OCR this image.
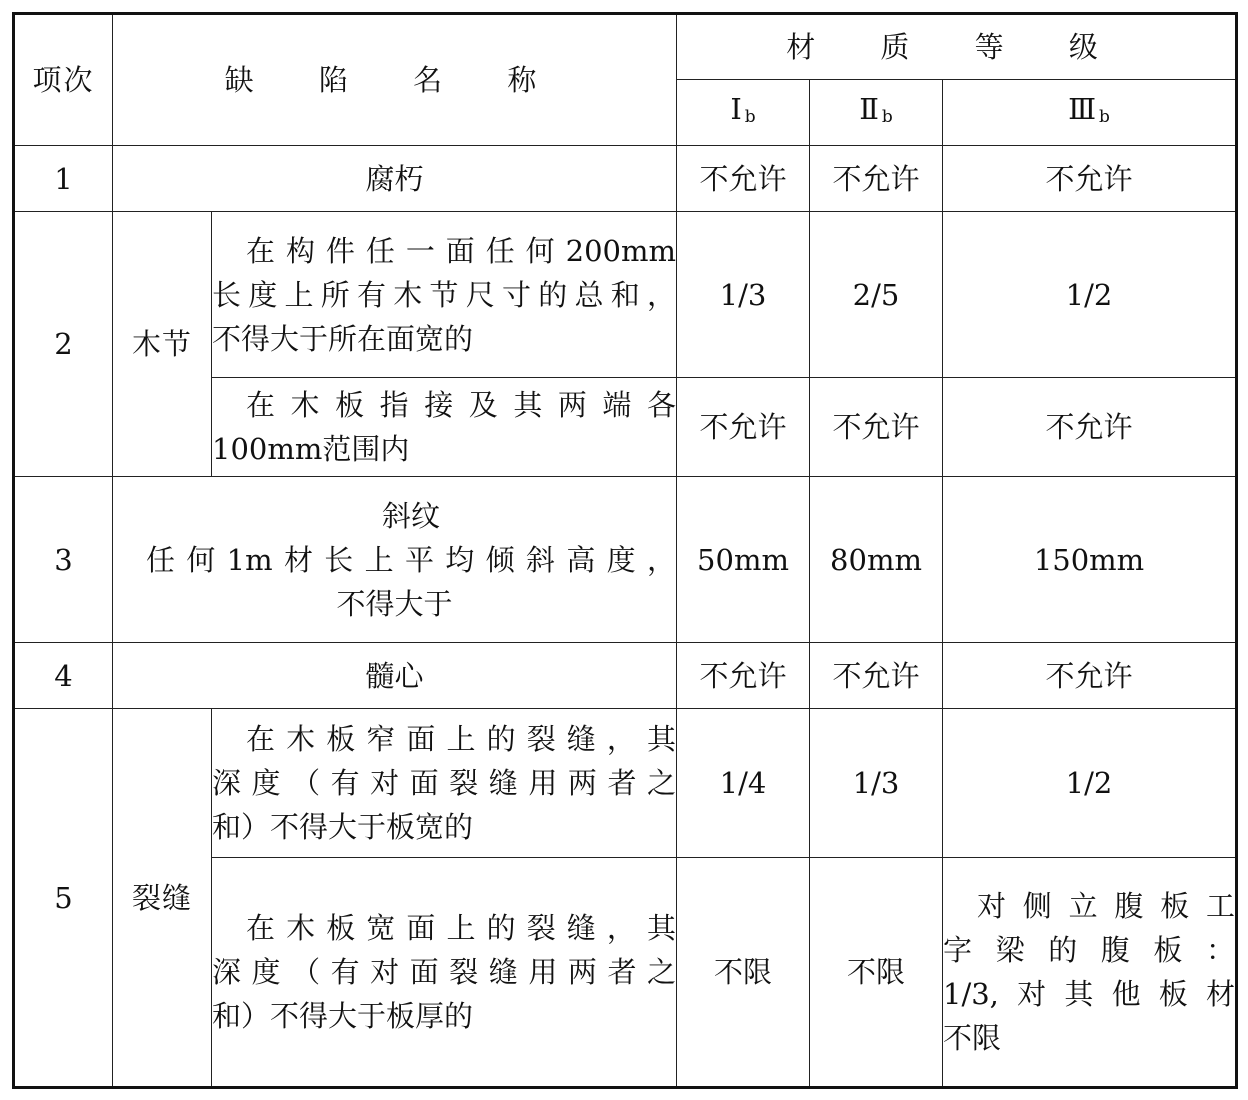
项次	缺 陷 名 称		材 质 等 级		
			Ⅰ $_b$	Ⅱ $_b$	Ⅲ $_b$
1	腐朽		不允许	不允许	不允许
2	木节	在构件任一面任何200mm
长度上所有木节尺寸的总和，
不得大于所在面宽的	1/3	2/5	1/2

		在木板指接及其两端各
100mm范围内	不允许	不允许	不允许
3	斜纹
任何1m材长上平均倾斜高度，
不得大于		50mm	80mm	150mm
4	髓心		不允许	不允许	不允许
5	裂缝	在木板窄面上的裂缝，其
深度（有对面裂缝用两者之
和）不得大于板宽的	1/4	1/3	1/2

		在木板宽面上的裂缝，其
深度（有对面裂缝用两者之
和）不得大于板厚的	不限	不限	对侧立腹板工
字梁的腹板：
1/3,对其他板材
不限
